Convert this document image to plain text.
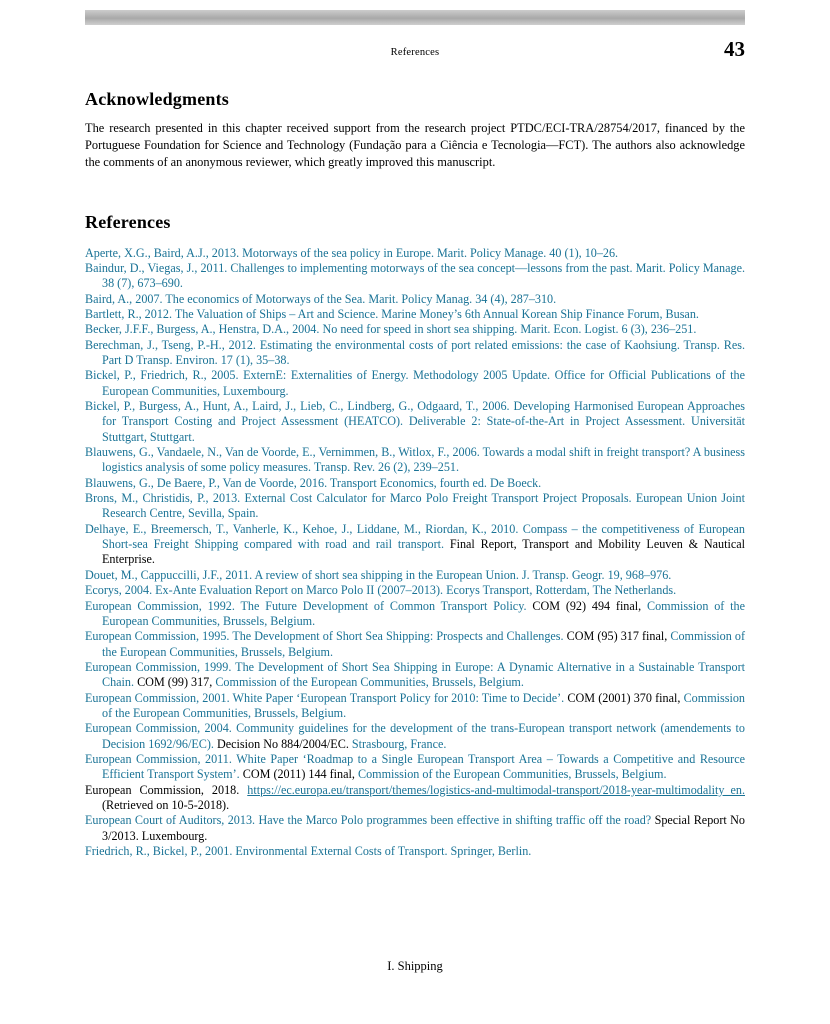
References	43
Acknowledgments

The research presented in this chapter received support from the research project PTDC/ECI-TRA/28754/2017, financed by the Portuguese Foundation for Science and Technology (Fundação para a Ciência e Tecnologia—FCT). The authors also acknowledge the comments of an anonymous reviewer, which greatly improved this manuscript.

References

Aperte, X.G., Baird, A.J., 2013. Motorways of the sea policy in Europe. Marit. Policy Manage. 40 (1), 10–26.

Baindur, D., Viegas, J., 2011. Challenges to implementing motorways of the sea concept—lessons from the past. Marit. Policy Manage. 38 (7), 673–690.

Baird, A., 2007. The economics of Motorways of the Sea. Marit. Policy Manag. 34 (4), 287–310.

Bartlett, R., 2012. The Valuation of Ships – Art and Science. Marine Money’s 6th Annual Korean Ship Finance Forum, Busan.

Becker, J.F.F., Burgess, A., Henstra, D.A., 2004. No need for speed in short sea shipping. Marit. Econ. Logist. 6 (3), 236–251.

Berechman, J., Tseng, P.-H., 2012. Estimating the environmental costs of port related emissions: the case of Kaohsiung. Transp. Res. Part D Transp. Environ. 17 (1), 35–38.

Bickel, P., Friedrich, R., 2005. ExternE: Externalities of Energy. Methodology 2005 Update. Office for Official Publications of the European Communities, Luxembourg.

Bickel, P., Burgess, A., Hunt, A., Laird, J., Lieb, C., Lindberg, G., Odgaard, T., 2006. Developing Harmonised European Approaches for Transport Costing and Project Assessment (HEATCO). Deliverable 2: State-of-the-Art in Project Assessment. Universität Stuttgart, Stuttgart.

Blauwens, G., Vandaele, N., Van de Voorde, E., Vernimmen, B., Witlox, F., 2006. Towards a modal shift in freight transport? A business logistics analysis of some policy measures. Transp. Rev. 26 (2), 239–251.

Blauwens, G., De Baere, P., Van de Voorde, 2016. Transport Economics, fourth ed. De Boeck.

Brons, M., Christidis, P., 2013. External Cost Calculator for Marco Polo Freight Transport Project Proposals. European Union Joint Research Centre, Sevilla, Spain.

Delhaye, E., Breemersch, T., Vanherle, K., Kehoe, J., Liddane, M., Riordan, K., 2010. Compass – the competitiveness of European Short-sea Freight Shipping compared with road and rail transport. Final Report, Transport and Mobility Leuven & Nautical Enterprise.

Douet, M., Cappuccilli, J.F., 2011. A review of short sea shipping in the European Union. J. Transp. Geogr. 19, 968–976.

Ecorys, 2004. Ex-Ante Evaluation Report on Marco Polo II (2007–2013). Ecorys Transport, Rotterdam, The Netherlands.

European Commission, 1992. The Future Development of Common Transport Policy. COM (92) 494 final, Commission of the European Communities, Brussels, Belgium.

European Commission, 1995. The Development of Short Sea Shipping: Prospects and Challenges. COM (95) 317 final, Commission of the European Communities, Brussels, Belgium.

European Commission, 1999. The Development of Short Sea Shipping in Europe: A Dynamic Alternative in a Sustainable Transport Chain. COM (99) 317, Commission of the European Communities, Brussels, Belgium.

European Commission, 2001. White Paper ‘European Transport Policy for 2010: Time to Decide’. COM (2001) 370 final, Commission of the European Communities, Brussels, Belgium.

European Commission, 2004. Community guidelines for the development of the trans-European transport network (amendements to Decision 1692/96/EC). Decision No 884/2004/EC. Strasbourg, France.

European Commission, 2011. White Paper ‘Roadmap to a Single European Transport Area – Towards a Competitive and Resource Efficient Transport System’. COM (2011) 144 final, Commission of the European Communities, Brussels, Belgium.

European Commission, 2018. https://ec.europa.eu/transport/themes/logistics-and-multimodal-transport/2018-year-multimodality_en. (Retrieved on 10-5-2018).

European Court of Auditors, 2013. Have the Marco Polo programmes been effective in shifting traffic off the road? Special Report No 3/2013. Luxembourg.

Friedrich, R., Bickel, P., 2001. Environmental External Costs of Transport. Springer, Berlin.

I. Shipping
